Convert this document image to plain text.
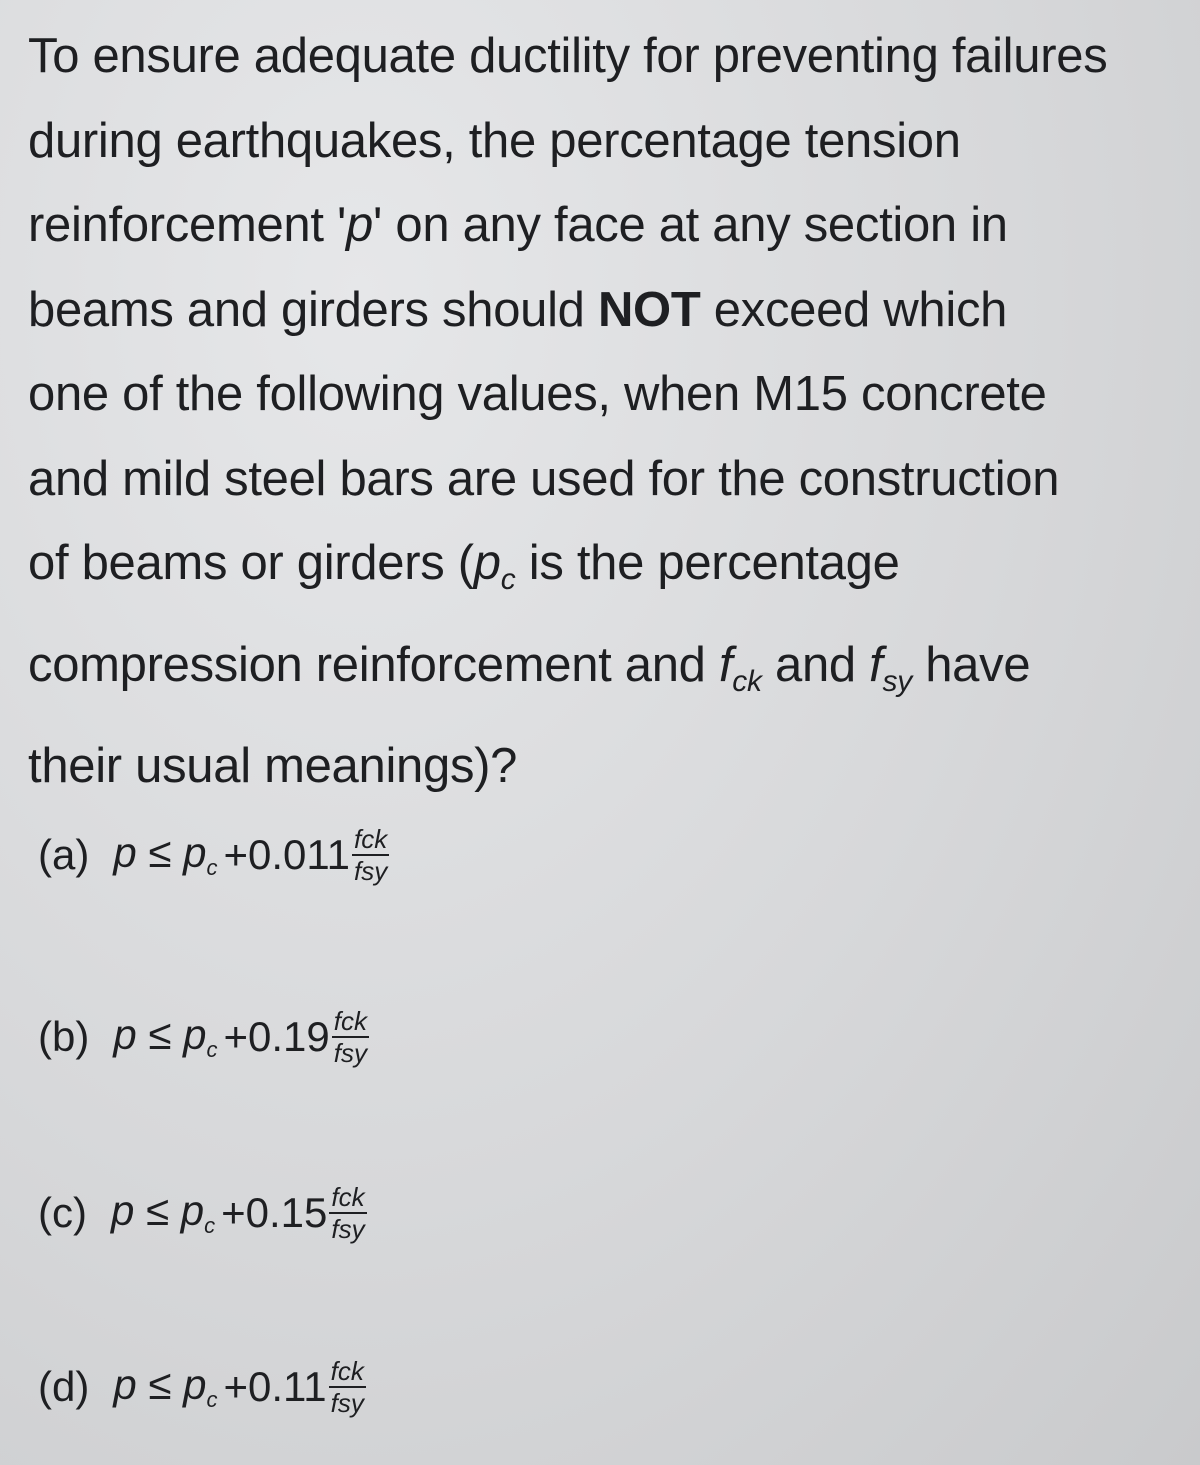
To ensure adequate ductility for preventing failures
during earthquakes, the percentage tension
reinforcement 'p' on any face at any section in
beams and girders should NOT exceed which
one of the following values, when M15 concrete
and mild steel bars are used for the construction
of beams or girders ($p_c$ is the percentage
compression reinforcement and $f_{ck}$ and $f_{sy}$ have
their usual meanings)?
(a) $p \le p_c +0.011 \frac{\text{fck}}{\text{fsy}}$
(b) $p \le p_c +0.19 \frac{\text{fck}}{\text{fsy}}$
(c) $p \le p_c +0.15 \frac{\text{fck}}{\text{fsy}}$
(d) $p \le p_c +0.11 \frac{\text{fck}}{\text{fsy}}$
